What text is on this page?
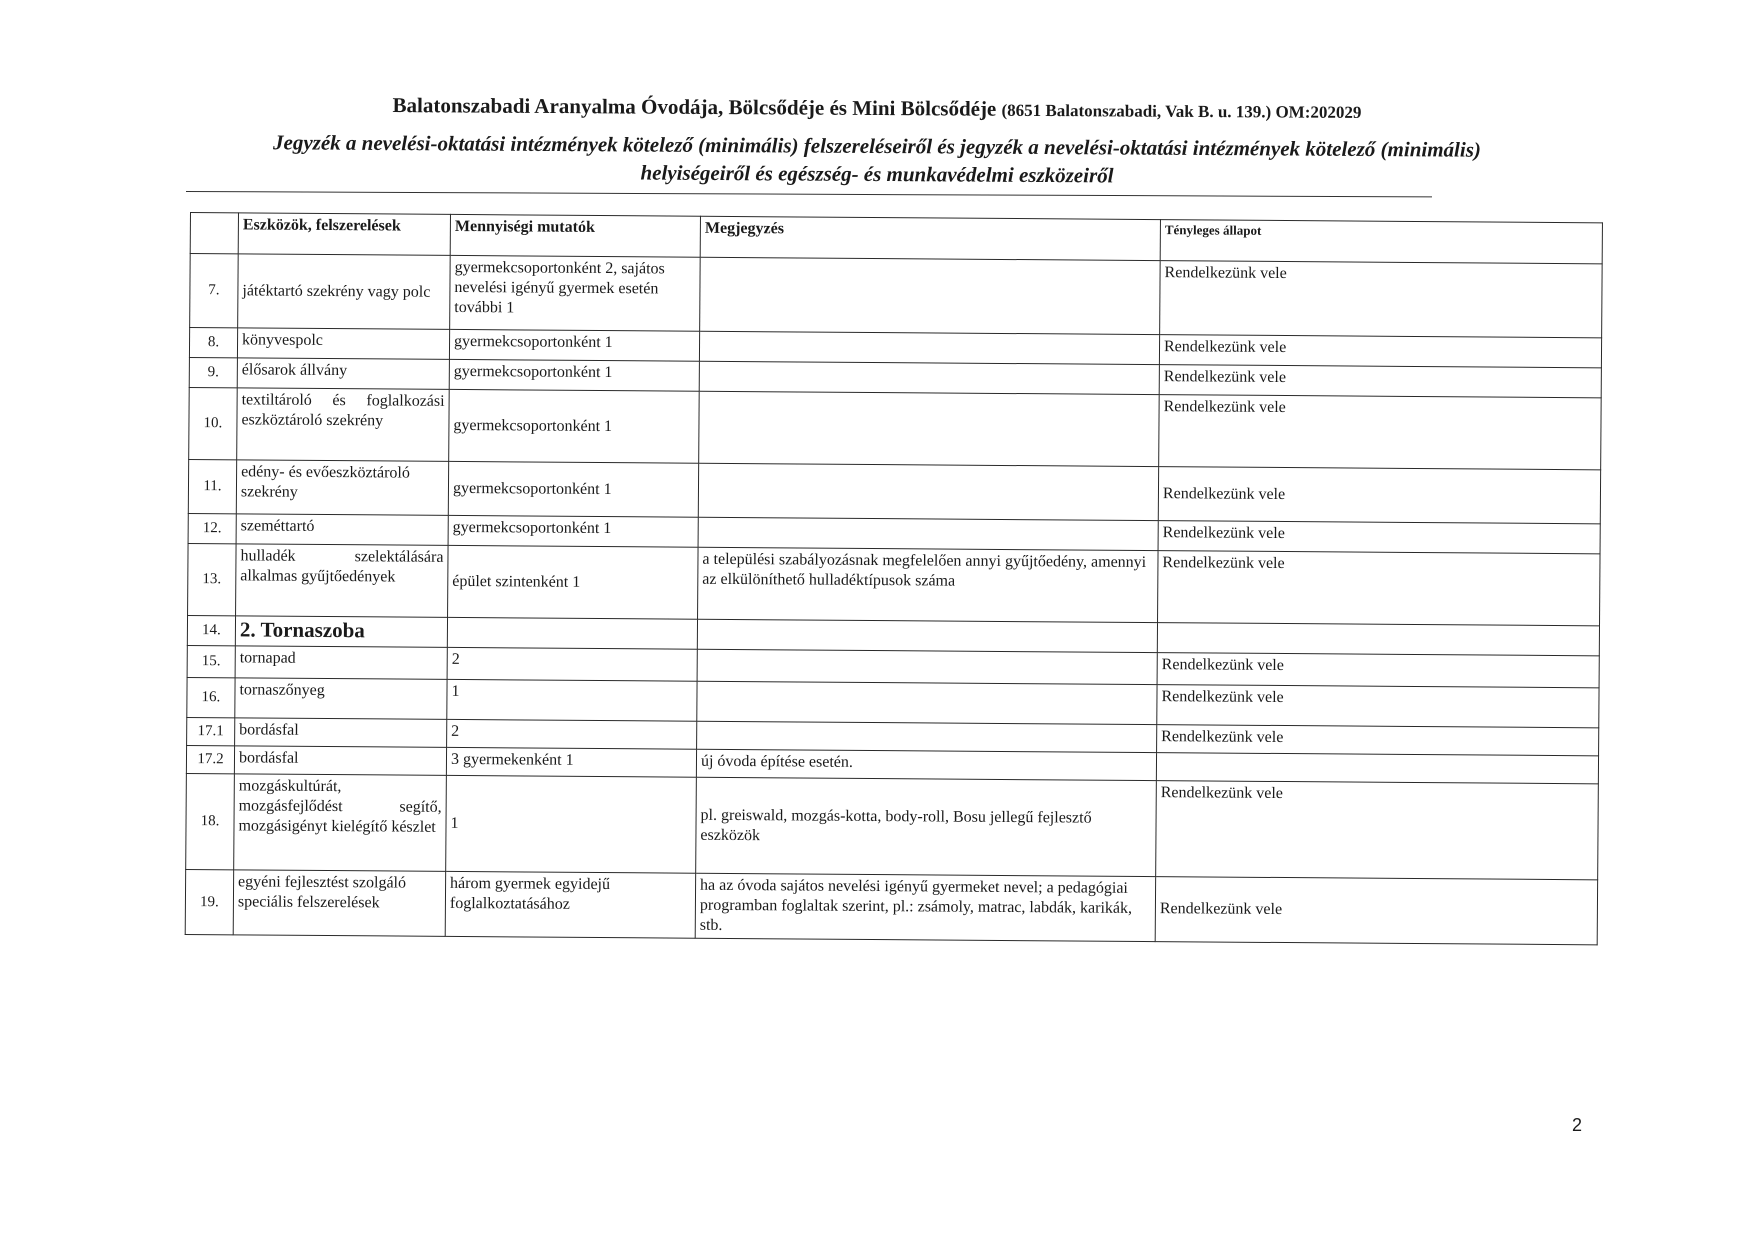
Balatonszabadi Aranyalma Óvodája, Bölcsődéje és Mini Bölcsődéje (8651 Balatonszabadi, Vak B. u. 139.) OM:202029
Jegyzék a nevelési-oktatási intézmények kötelező (minimális) felszereléseiről és jegyzék a nevelési-oktatási intézmények kötelező (minimális)
helyiségeiről és egészség- és munkavédelmi eszközeiről
	Eszközök, felszerelések	Mennyiségi mutatók	Megjegyzés	Tényleges állapot
7.	játéktartó szekrény vagy polc	gyermekcsoportonként 2, sajátos nevelési igényű gyermek esetén további 1		Rendelkezünk vele
8.	könyvespolc	gyermekcsoportonként 1		Rendelkezünk vele
9.	élősarok állvány	gyermekcsoportonként 1		Rendelkezünk vele
10.	textiltároló és foglalkozási eszköztároló szekrény	gyermekcsoportonként 1		Rendelkezünk vele
11.	edény- és evőeszköztároló szekrény	gyermekcsoportonként 1		Rendelkezünk vele
12.	szeméttartó	gyermekcsoportonként 1		Rendelkezünk vele
13.	hulladék szelektálására alkalmas gyűjtőedények	épület szintenként 1	a települési szabályozásnak megfelelően annyi gyűjtőedény, amennyi az elkülöníthető hulladéktípusok száma	Rendelkezünk vele
14.	2. Tornaszoba			
15.	tornapad	2		Rendelkezünk vele
16.	tornaszőnyeg	1		Rendelkezünk vele
17.1	bordásfal	2		Rendelkezünk vele
17.2	bordásfal	3 gyermekenként 1	új óvoda építése esetén.	
18.	mozgáskultúrát, mozgásfejlődést segítő, mozgásigényt kielégítő készlet	1	pl. greiswald, mozgás-kotta, body-roll, Bosu jellegű fejlesztő eszközök	Rendelkezünk vele
19.	egyéni fejlesztést szolgáló speciális felszerelések	három gyermek egyidejű foglalkoztatásához	ha az óvoda sajátos nevelési igényű gyermeket nevel; a pedagógiai programban foglaltak szerint, pl.: zsámoly, matrac, labdák, karikák, stb.	Rendelkezünk vele
2
